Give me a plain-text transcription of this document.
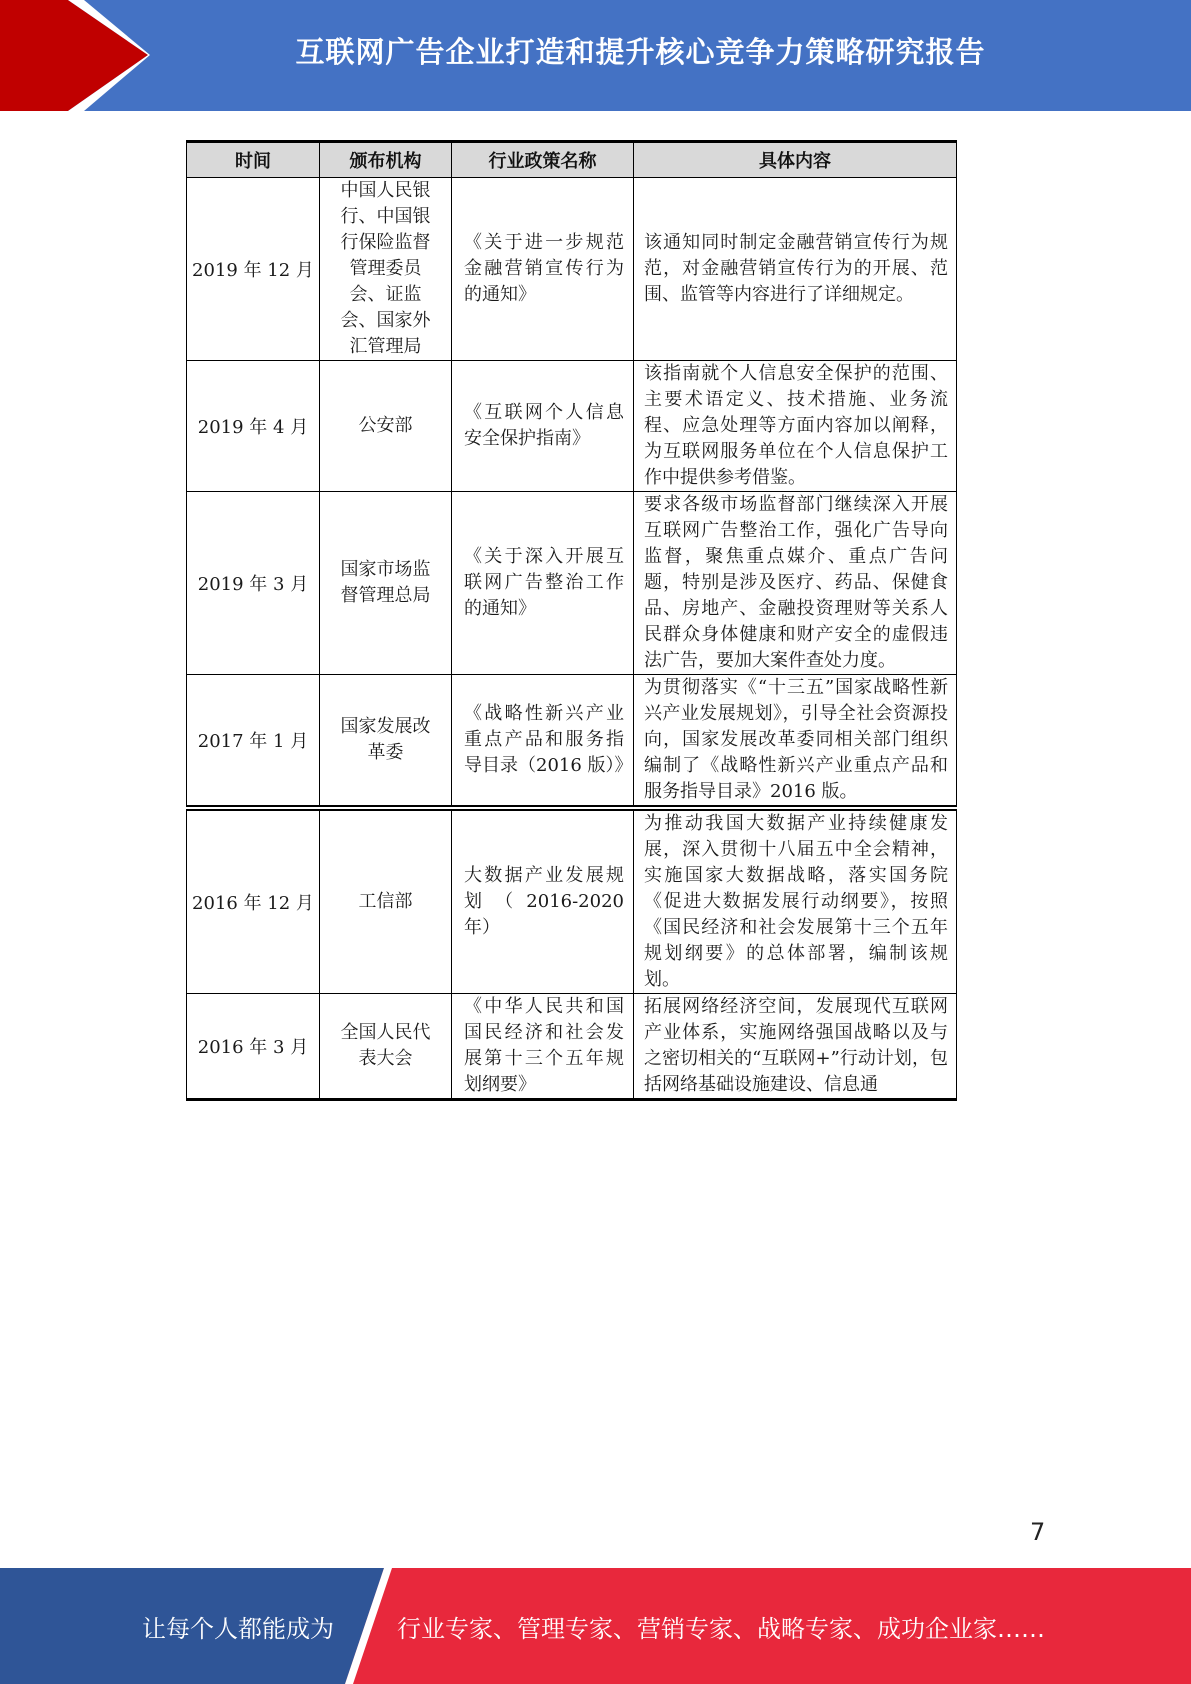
互联网广告企业打造和提升核心竞争力策略研究报告
时间	颁布机构	行业政策名称	具体内容
2019 年 12 月	中国人民银行、中国银行保险监督管理委员会、证监会、国家外汇管理局	《关于进一步规范金融营销宣传行为的通知》	该通知同时制定金融营销宣传行为规范，对金融营销宣传行为的开展、范围、监管等内容进行了详细规定。
2019 年 4 月	公安部	《互联网个人信息安全保护指南》	该指南就个人信息安全保护的范围、主要术语定义、技术措施、业务流程、应急处理等方面内容加以阐释，为互联网服务单位在个人信息保护工作中提供参考借鉴。
2019 年 3 月	国家市场监督管理总局	《关于深入开展互联网广告整治工作的通知》	要求各级市场监督部门继续深入开展互联网广告整治工作，强化广告导向监督，聚焦重点媒介、重点广告问题，特别是涉及医疗、药品、保健食品、房地产、金融投资理财等关系人民群众身体健康和财产安全的虚假违法广告，要加大案件查处力度。
2017 年 1 月	国家发展改革委	《战略性新兴产业重点产品和服务指导目录（2016 版）》	为贯彻落实《“十三五”国家战略性新兴产业发展规划》，引导全社会资源投向，国家发展改革委同相关部门组织编制了《战略性新兴产业重点产品和服务指导目录》2016 版。
2016 年 12 月	工信部	大数据产业发展规划（2016-2020 年）	为推动我国大数据产业持续健康发展，深入贯彻十八届五中全会精神，实施国家大数据战略，落实国务院《促进大数据发展行动纲要》，按照《国民经济和社会发展第十三个五年规划纲要》的总体部署，编制该规划。
2016 年 3 月	全国人民代表大会	《中华人民共和国国民经济和社会发展第十三个五年规划纲要》	拓展网络经济空间，发展现代互联网产业体系，实施网络强国战略以及与之密切相关的“互联网+”行动计划，包括网络基础设施建设、信息通
7
让每个人都能成为	行业专家、管理专家、营销专家、战略专家、成功企业家……
